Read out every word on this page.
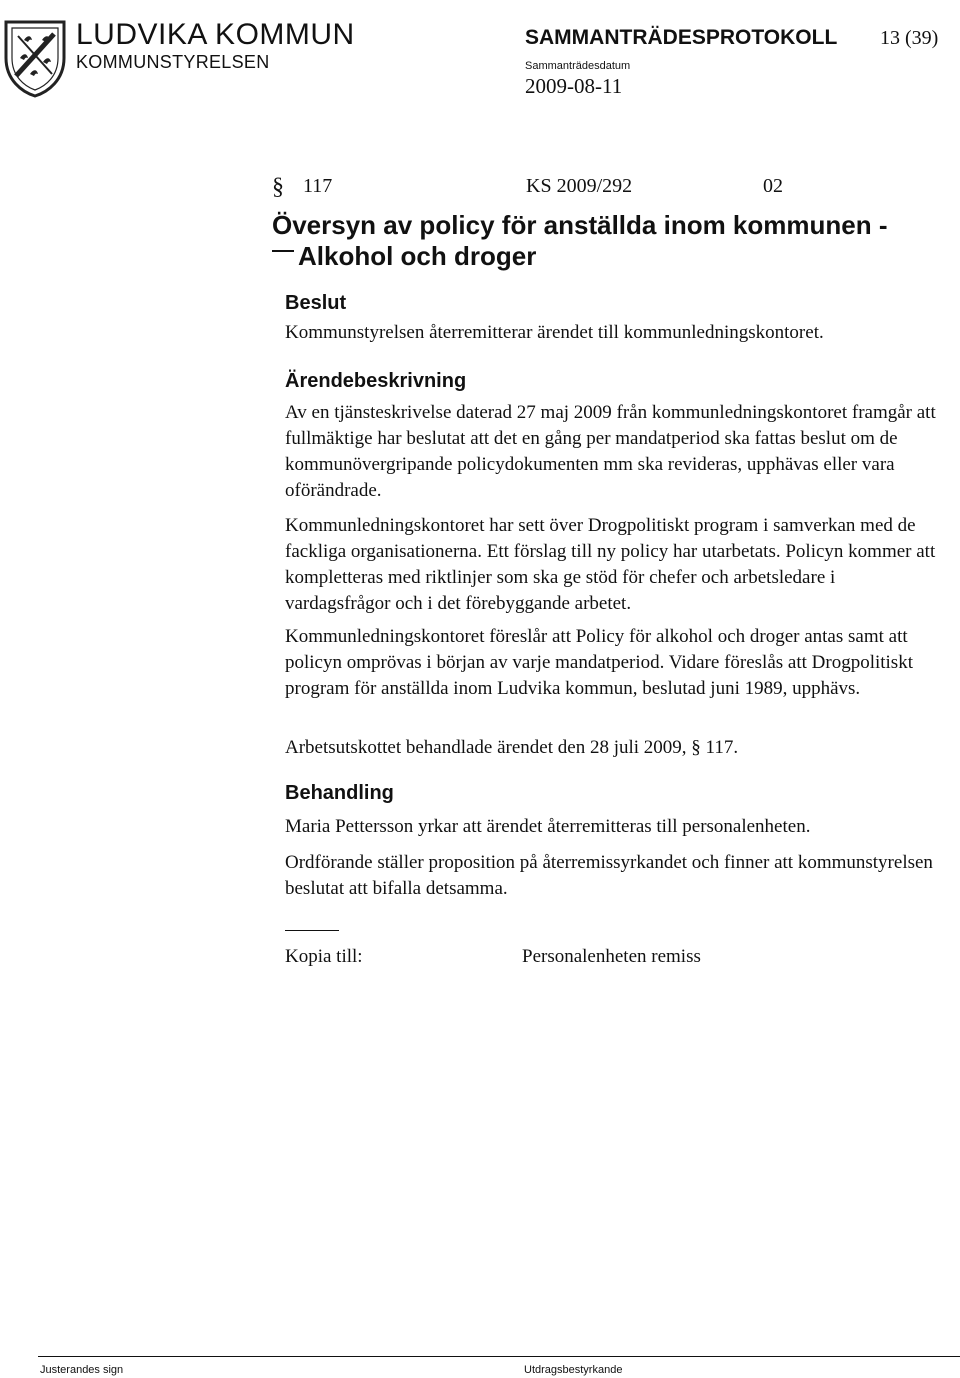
LUDVIKA KOMMUN
KOMMUNSTYRELSEN
SAMMANTRÄDESPROTOKOLL 13 (39)
Sammanträdesdatum
2009-08-11
§ 117	KS 2009/292	02
Översyn av policy för anställda inom kommunen -
Alkohol och droger
Beslut
Kommunstyrelsen återremitterar ärendet till kommunledningskontoret.
Ärendebeskrivning
Av en tjänsteskrivelse daterad 27 maj 2009 från kommunledningskontoret framgår att fullmäktige har beslutat att det en gång per mandatperiod ska fattas beslut om de kommunövergripande policydokumenten mm ska revideras, upphävas eller vara oförändrade.
Kommunledningskontoret har sett över Drogpolitiskt program i samverkan med de fackliga organisationerna. Ett förslag till ny policy har utarbetats. Policyn kommer att kompletteras med riktlinjer som ska ge stöd för chefer och arbetsledare i vardagsfrågor och i det förebyggande arbetet.
Kommunledningskontoret föreslår att Policy för alkohol och droger antas samt att policyn omprövas i början av varje mandatperiod. Vidare föreslås att Drogpolitiskt program för anställda inom Ludvika kommun, beslutad juni 1989, upphävs.
Arbetsutskottet behandlade ärendet den 28 juli 2009, § 117.
Behandling
Maria Pettersson yrkar att ärendet återremitteras till personalenheten.
Ordförande ställer proposition på återremissyrkandet och finner att kommunstyrelsen beslutat att bifalla detsamma.
Kopia till:	Personalenheten remiss
Justerandes sign	Utdragsbestyrkande
